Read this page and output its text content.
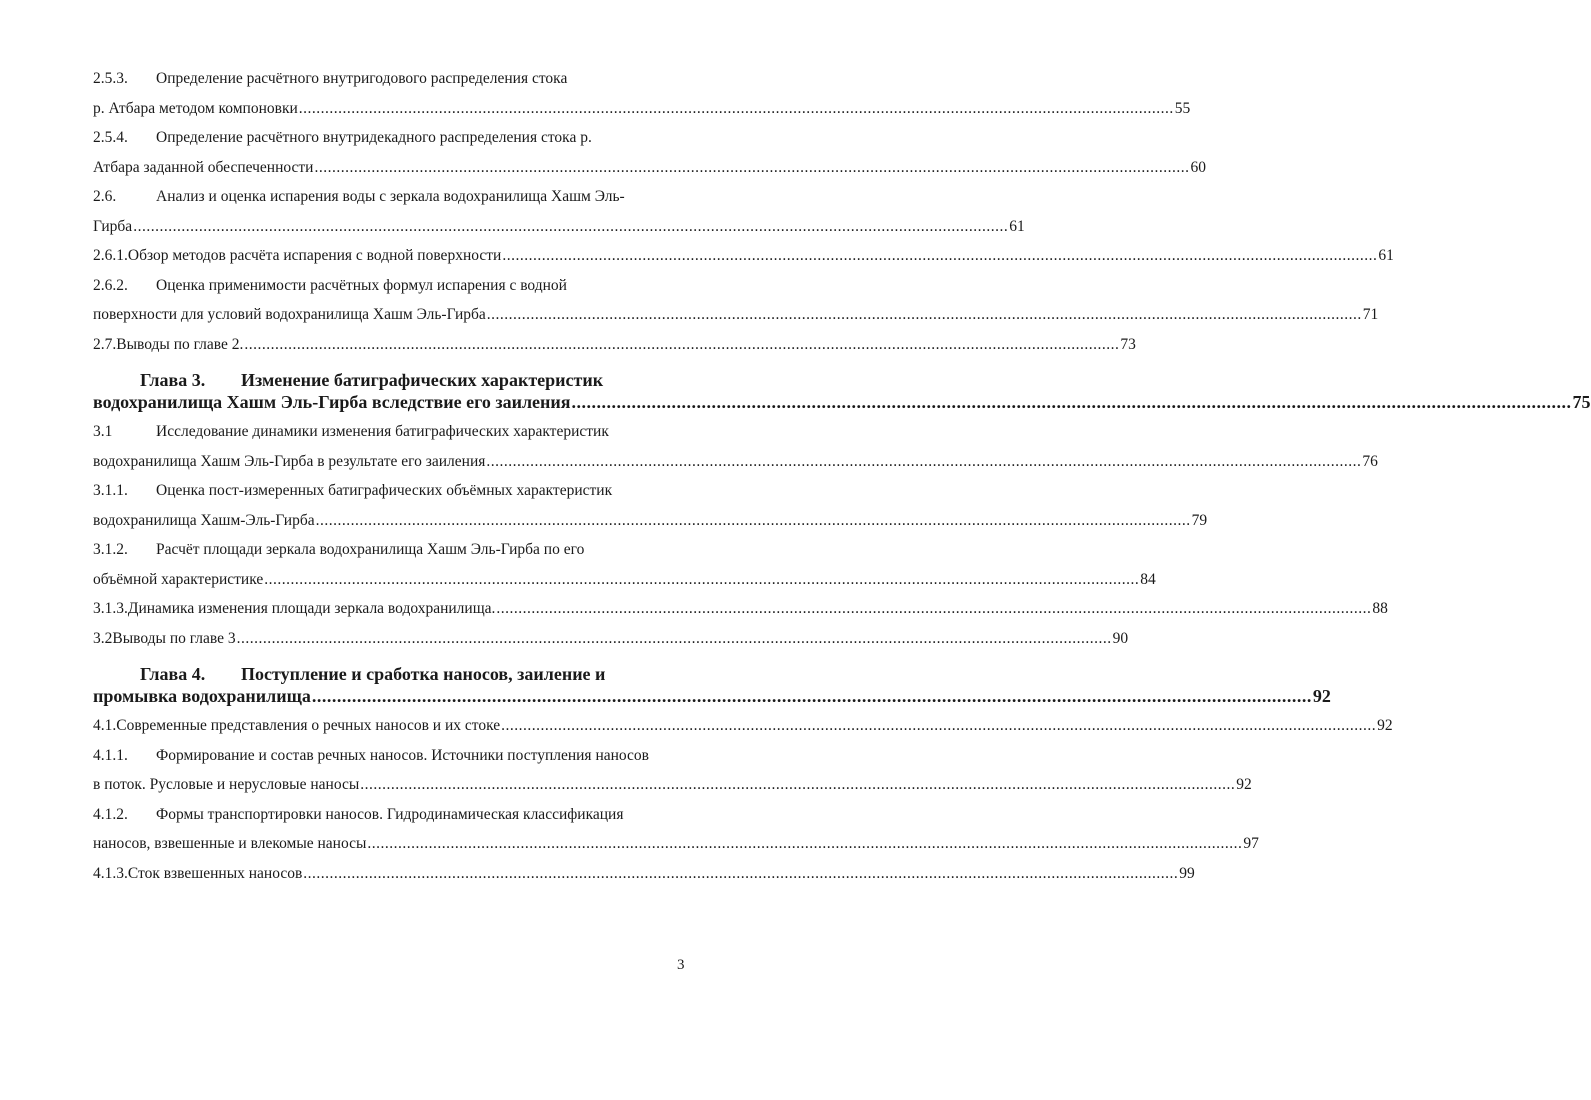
2.5.3. Определение расчётного внутригодового распределения стока
р. Атбара методом компоновки .....	55
2.5.4. Определение расчётного внутридекадного распределения стока р.
Атбара заданной обеспеченности .....	60
2.6.	Анализ и оценка испарения воды с зеркала водохранилища Хашм Эль-
Гирба .....	61
2.6.1. Обзор методов расчёта испарения с водной поверхности .....	61
2.6.2. Оценка применимости расчётных формул испарения с водной
поверхности для условий водохранилища Хашм Эль-Гирба .....	71
2.7. Выводы по главе 2. .....	73
Глава 3. Изменение батиграфических характеристик
водохранилища Хашм Эль-Гирба вследствие его заиления .....	75
3.1	Исследование динамики изменения батиграфических характеристик
водохранилища Хашм Эль-Гирба в результате его заиления .....	76
3.1.1. Оценка пост-измеренных батиграфических объёмных характеристик
водохранилища Хашм-Эль-Гирба .....	79
3.1.2. Расчёт площади зеркала водохранилища Хашм Эль-Гирба по его
объёмной характеристике .....	84
3.1.3. Динамика изменения площади зеркала водохранилища. .....	88
3.2 Выводы по главе 3 .....	90
Глава 4. Поступление и сработка наносов, заиление и
промывка водохранилища .....	92
4.1. Современные представления о речных наносов и их стоке .....	92
4.1.1. Формирование и состав речных наносов. Источники поступления наносов
в поток. Русловые и нерусловые наносы .....	92
4.1.2. Формы транспортировки наносов. Гидродинамическая классификация
наносов, взвешенные и влекомые наносы .....	97
4.1.3. Сток взвешенных наносов .....	99
3
